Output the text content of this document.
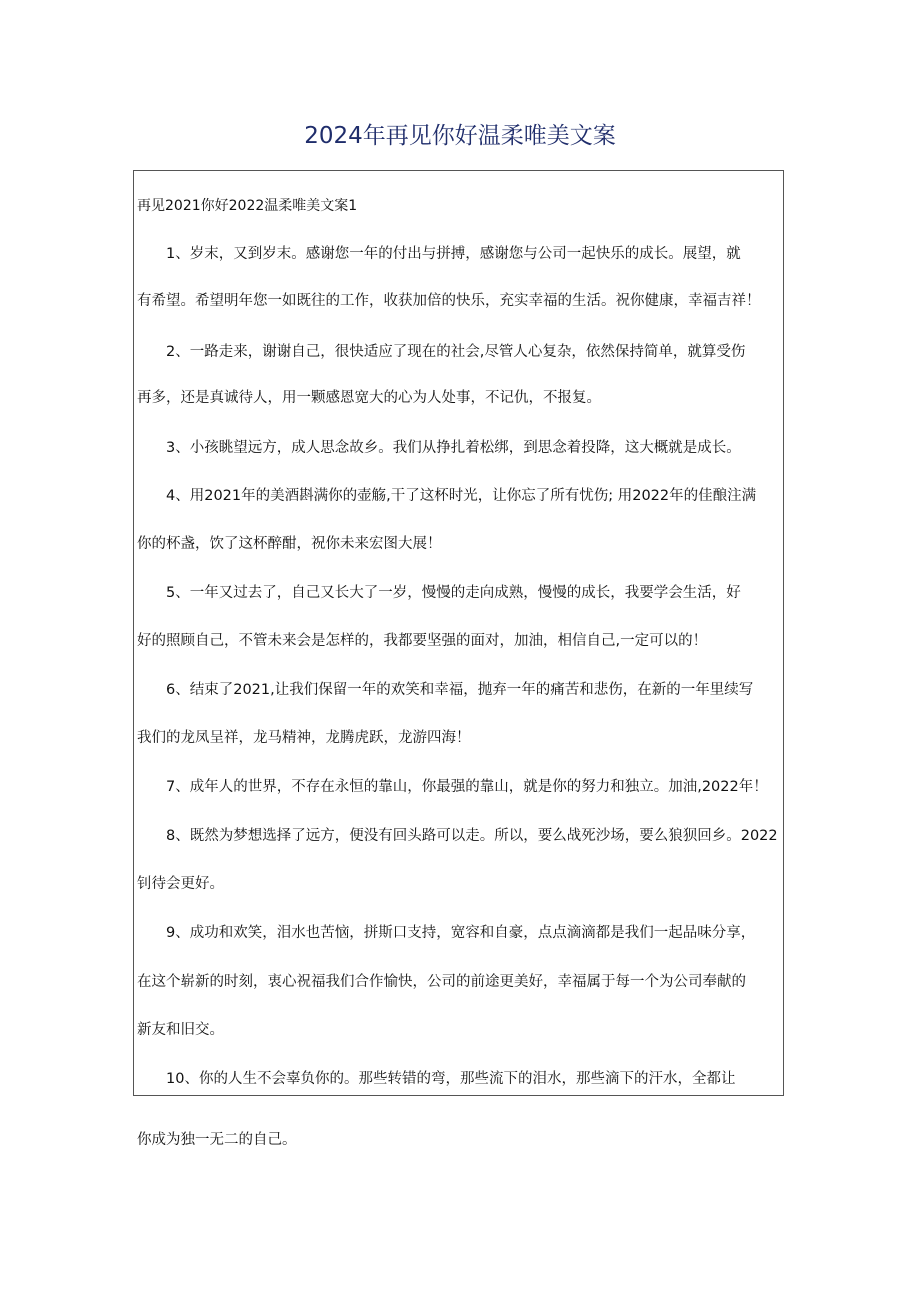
2024年再见你好温柔唯美文案
再见2021你好2022温柔唯美文案1
1、岁末，又到岁末。感谢您一年的付出与拼搏，感谢您与公司一起快乐的成长。展望，就
有希望。希望明年您一如既往的工作，收获加倍的快乐，充实幸福的生活。祝你健康，幸福吉祥！
2、一路走来，谢谢自己，很快适应了现在的社会,尽管人心复杂，依然保持简单，就算受伤
再多，还是真诚待人，用一颗感恩宽大的心为人处事，不记仇，不报复。
3、小孩眺望远方，成人思念故乡。我们从挣扎着松绑，到思念着投降，这大概就是成长。
4、用2021年的美酒斟满你的壶觞,干了这杯时光，让你忘了所有忧伤; 用2022年的佳酿注满
你的杯盏，饮了这杯醉酣，祝你未来宏图大展！
5、一年又过去了，自己又长大了一岁，慢慢的走向成熟，慢慢的成长，我要学会生活，好
好的照顾自己，不管未来会是怎样的，我都要坚强的面对，加油，相信自己,一定可以的！
6、结束了2021,让我们保留一年的欢笑和幸福，抛弃一年的痛苦和悲伤，在新的一年里续写
我们的龙凤呈祥，龙马精神，龙腾虎跃，龙游四海！
7、成年人的世界，不存在永恒的靠山，你最强的靠山，就是你的努力和独立。加油,2022年！
8、既然为梦想选择了远方，便没有回头路可以走。所以，要么战死沙场，要么狼狈回乡。2022
钊待会更好。
9、成功和欢笑，泪水也苦恼，拼斯口支持，宽容和自豪，点点滴滴都是我们一起品味分享，
在这个崭新的时刻，衷心祝福我们合作愉快，公司的前途更美好，幸福属于每一个为公司奉献的
新友和旧交。
10、你的人生不会辜负你的。那些转错的弯，那些流下的泪水，那些滴下的汗水，全都让
你成为独一无二的自己。
